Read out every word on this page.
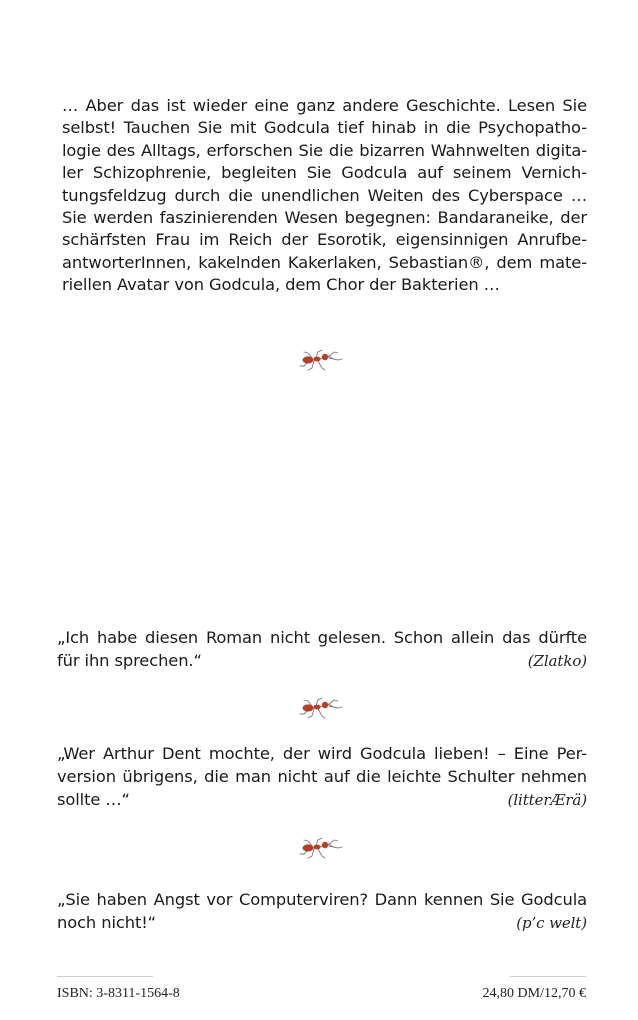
… Aber das ist wieder eine ganz andere Geschichte. Lesen Sie
selbst! Tauchen Sie mit Godcula tief hinab in die Psychopatho-
logie des Alltags, erforschen Sie die bizarren Wahnwelten digita-
ler Schizophrenie, begleiten Sie Godcula auf seinem Vernich-
tungsfeldzug durch die unendlichen Weiten des Cyberspace …
Sie werden faszinierenden Wesen begegnen: Bandaraneike, der
schärfsten Frau im Reich der Esorotik, eigensinnigen Anrufbe-
antworterInnen, kakelnden Kakerlaken, Sebastian®, dem mate-
riellen Avatar von Godcula, dem Chor der Bakterien …

„Ich habe diesen Roman nicht gelesen. Schon allein das dürfte
für ihn sprechen.“	(Zlatko)
„Wer Arthur Dent mochte, der wird Godcula lieben! – Eine Per-
version übrigens, die man nicht auf die leichte Schulter nehmen
sollte …“	(litterÆrä)
„Sie haben Angst vor Computerviren? Dann kennen Sie Godcula
noch nicht!“	(p’c welt)

ISBN: 3-8311-1564-8	24,80 DM/12,70 €
